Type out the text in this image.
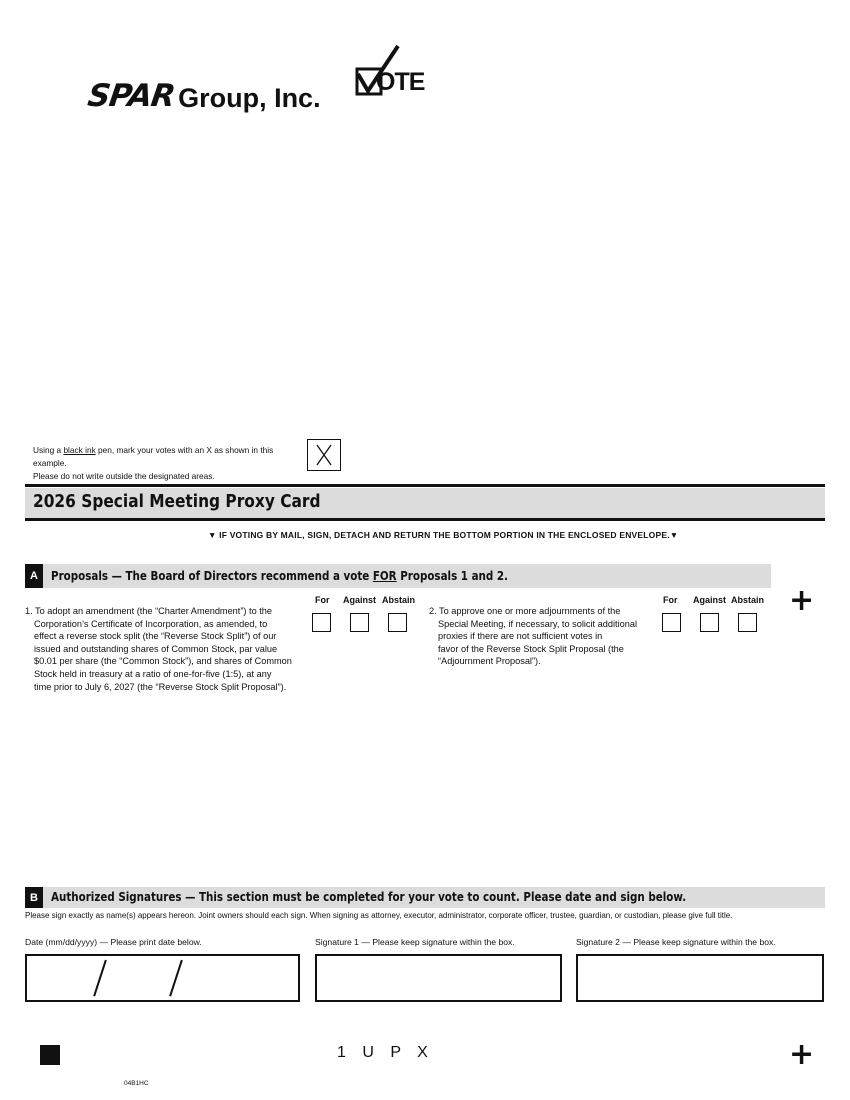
SPAR Group, Inc.
OTE
Using a black ink pen, mark your votes with an X as shown in this example.
Please do not write outside the designated areas.
2026 Special Meeting Proxy Card
▼ IF VOTING BY MAIL, SIGN, DETACH AND RETURN THE BOTTOM PORTION IN THE ENCLOSED ENVELOPE.▼
A	Proposals — The Board of Directors recommend a vote FOR Proposals 1 and 2.
+
1. To adopt an amendment (the “Charter Amendment”) to the
Corporation’s Certificate of Incorporation, as amended, to
effect a reverse stock split (the “Reverse Stock Split”) of our
issued and outstanding shares of Common Stock, par value
$0.01 per share (the “Common Stock”), and shares of Common
Stock held in treasury at a ratio of one-for-five (1:5), at any
time prior to July 6, 2027 (the “Reverse Stock Split Proposal”).
For Against Abstain
2. To approve one or more adjournments of the
Special Meeting, if necessary, to solicit additional
proxies if there are not sufficient votes in
favor of the Reverse Stock Split Proposal (the
“Adjournment Proposal”).
For Against Abstain
B	Authorized Signatures — This section must be completed for your vote to count. Please date and sign below.
Please sign exactly as name(s) appears hereon. Joint owners should each sign. When signing as attorney, executor, administrator, corporate officer, trustee, guardian, or custodian, please give full title.
Date (mm/dd/yyyy) — Please print date below.	Signature 1 — Please keep signature within the box.	Signature 2 — Please keep signature within the box.
1 U P X	+
04B1HC
